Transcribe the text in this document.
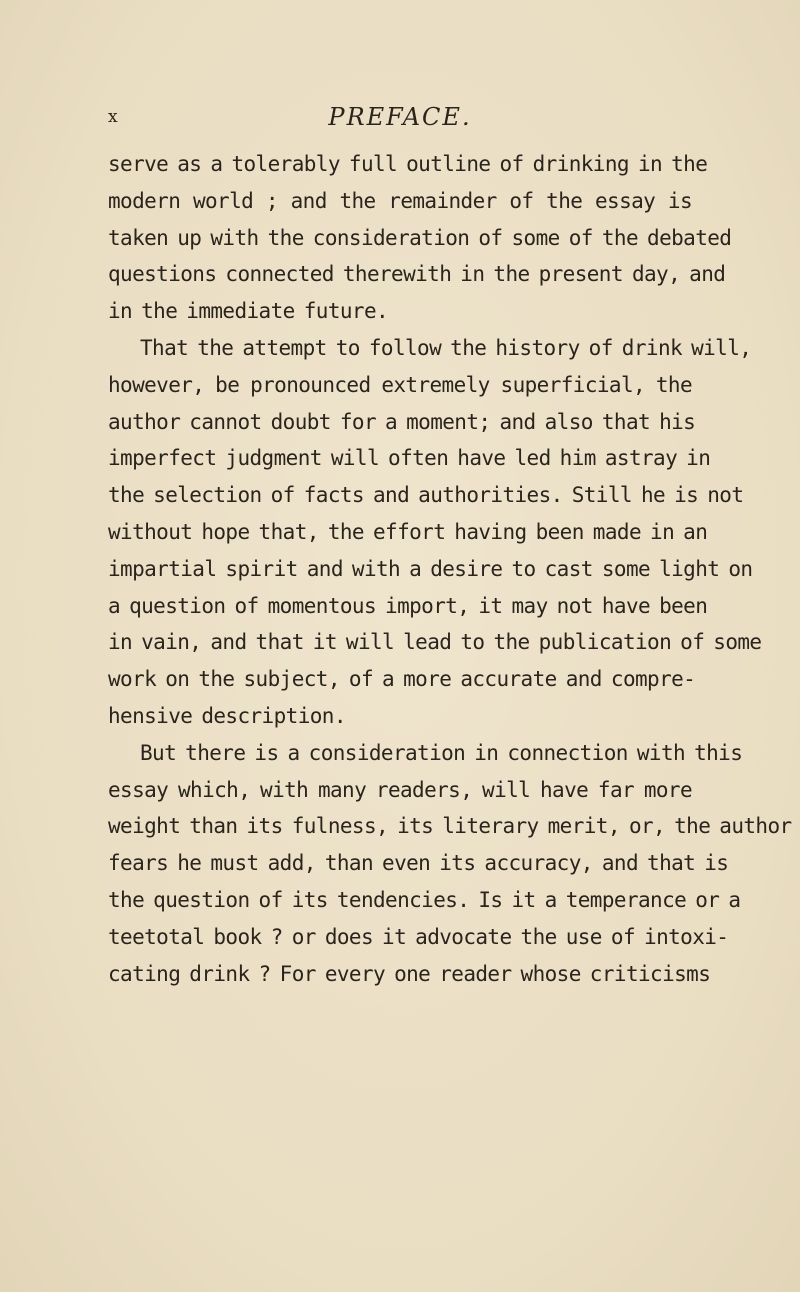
x	PREFACE.
serve as a tolerably full outline of drinking in the
modern world ; and the remainder of the essay is
taken up with the consideration of some of the debated
questions connected therewith in the present day, and
in the immediate future.
That the attempt to follow the history of drink will,
however, be pronounced extremely superficial, the
author cannot doubt for a moment; and also that his
imperfect judgment will often have led him astray in
the selection of facts and authorities. Still he is not
without hope that, the effort having been made in an
impartial spirit and with a desire to cast some light on
a question of momentous import, it may not have been
in vain, and that it will lead to the publication of some
work on the subject, of a more accurate and compre-
hensive description.
But there is a consideration in connection with this
essay which, with many readers, will have far more
weight than its fulness, its literary merit, or, the author
fears he must add, than even its accuracy, and that is
the question of its tendencies. Is it a temperance or a
teetotal book ? or does it advocate the use of intoxi-
cating drink ? For every one reader whose criticisms
